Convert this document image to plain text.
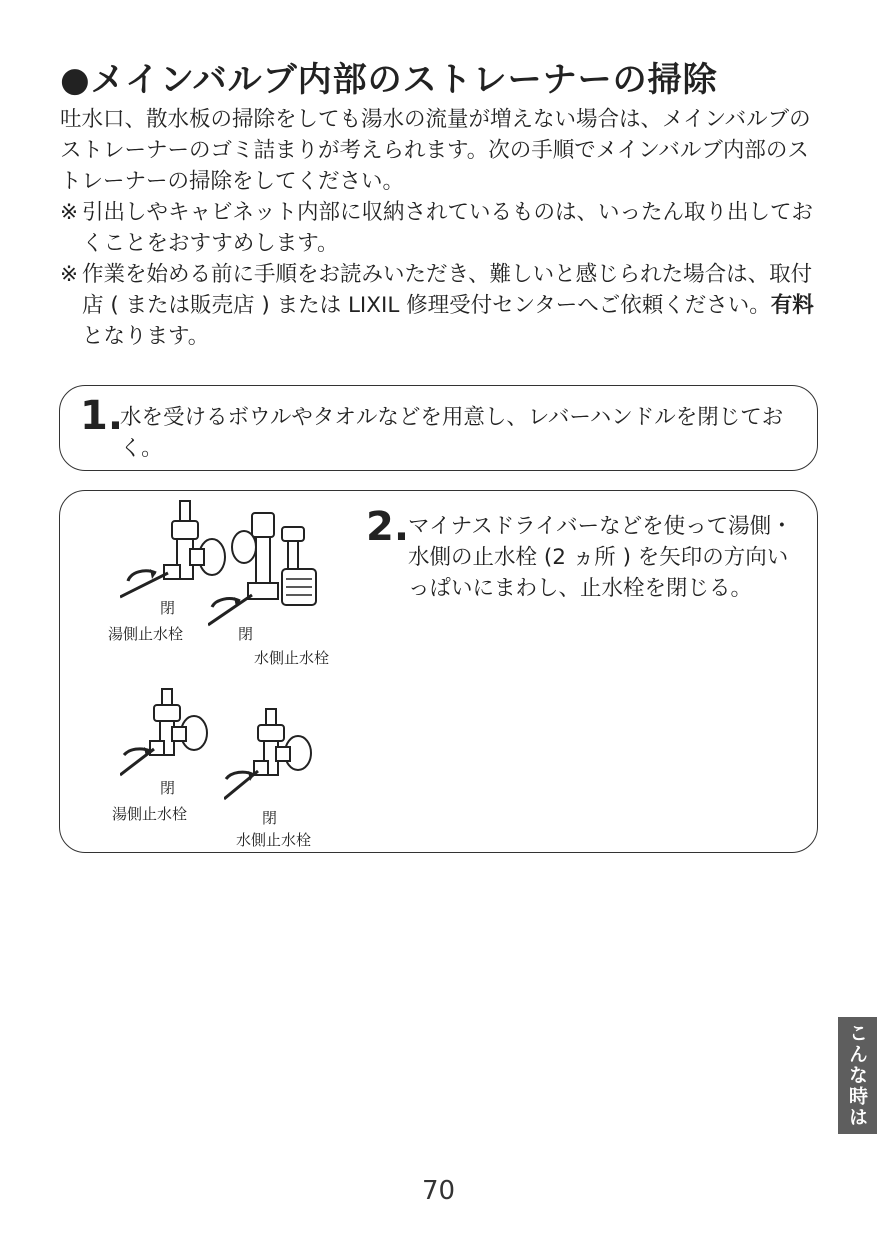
●メインバルブ内部のストレーナーの掃除

吐水口、散水板の掃除をしても湯水の流量が増えない場合は、メインバルブのストレーナーのゴミ詰まりが考えられます。次の手順でメインバルブ内部のストレーナーの掃除をしてください。

※ 引出しやキャビネット内部に収納されているものは、いったん取り出しておくことをおすすめします。
※ 作業を始める前に手順をお読みいただき、難しいと感じられた場合は、取付店 ( または販売店 ) または LIXIL 修理受付センターへご依頼ください。有料となります。
1.
水を受けるボウルやタオルなどを用意し、レバーハンドルを閉じておく。
2.
マイナスドライバーなどを使って湯側・水側の止水栓 (2 ヵ所 ) を矢印の方向いっぱいにまわし、止水栓を閉じる。
閉
湯側止水栓	閉
水側止水栓
閉
湯側止水栓	閉
水側止水栓
こんな時は
70
